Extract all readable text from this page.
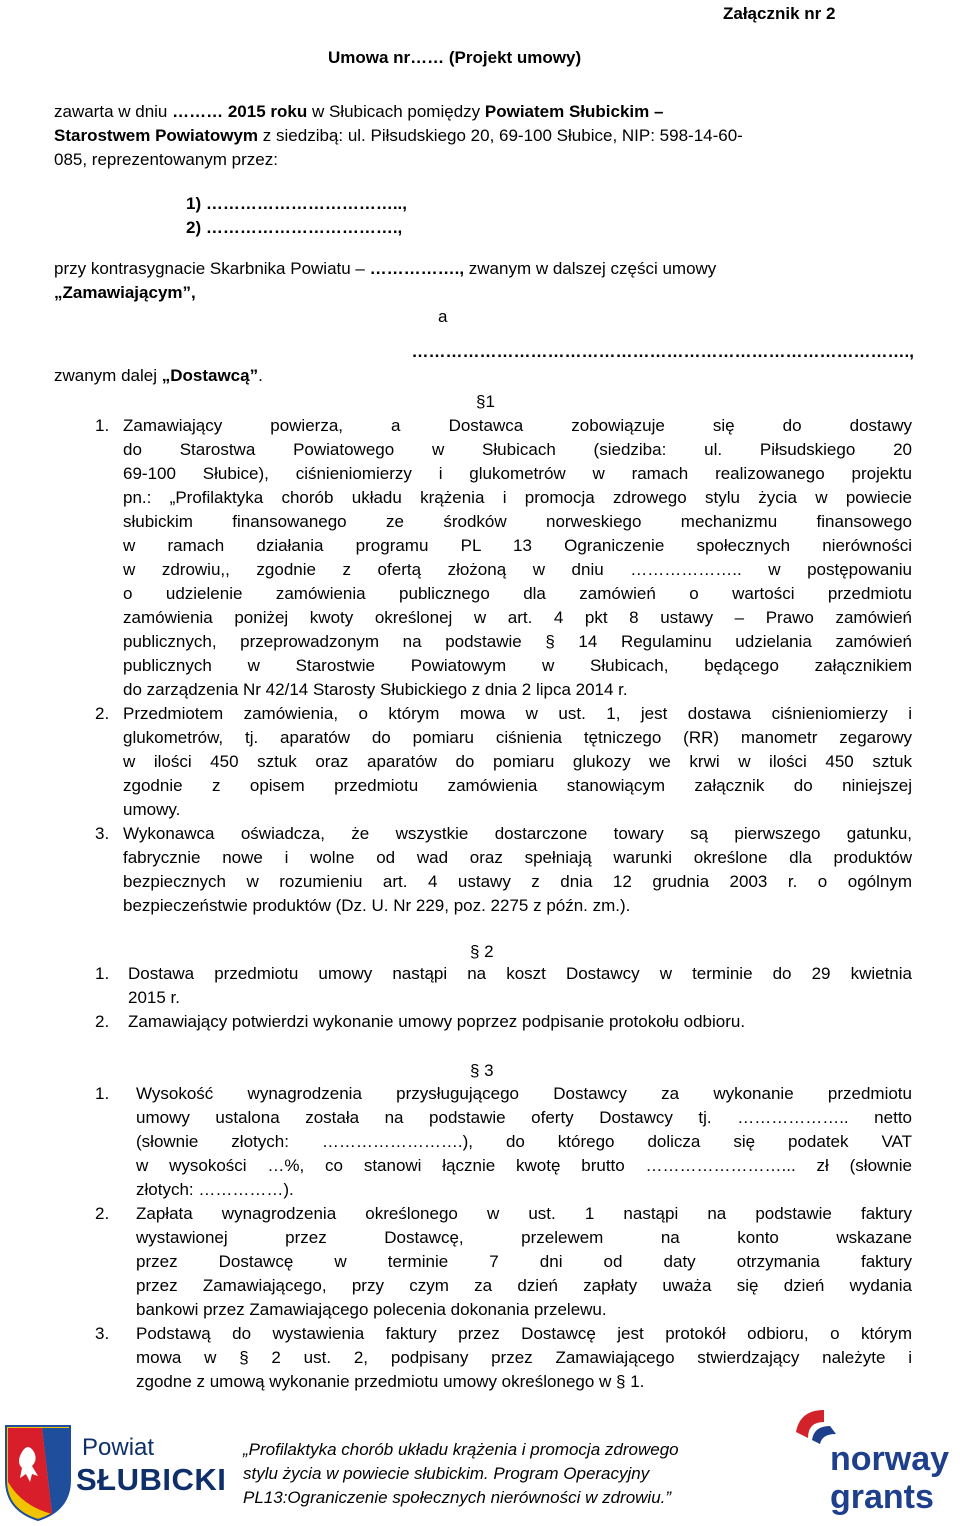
Załącznik nr 2
Umowa nr…… (Projekt umowy)
zawarta w dniu ……… 2015 roku w Słubicach pomiędzy Powiatem Słubickim –
Starostwem Powiatowym z siedzibą: ul. Piłsudskiego 20, 69-100 Słubice, NIP: 598-14-60-
085, reprezentowanym przez:
1) ……………………………..,
2) …………………………….,
przy kontrasygnacie Skarbnika Powiatu – ……………., zwanym w dalszej części umowy
„Zamawiającym”,
a
…………………………………………………………………………….,
zwanym dalej „Dostawcą”.
§1
1. Zamawiający powierza, a Dostawca zobowiązuje się do dostawy
do Starostwa Powiatowego w Słubicach (siedziba: ul. Piłsudskiego 20
69-100 Słubice), ciśnieniomierzy i glukometrów w ramach realizowanego projektu
pn.: „Profilaktyka chorób układu krążenia i promocja zdrowego stylu życia w powiecie
słubickim finansowanego ze środków norweskiego mechanizmu finansowego
w ramach działania programu PL 13 Ograniczenie społecznych nierówności
w zdrowiu,, zgodnie z ofertą złożoną w dniu ……………….. w postępowaniu
o udzielenie zamówienia publicznego dla zamówień o wartości przedmiotu
zamówienia poniżej kwoty określonej w art. 4 pkt 8 ustawy – Prawo zamówień
publicznych, przeprowadzonym na podstawie § 14 Regulaminu udzielania zamówień
publicznych w Starostwie Powiatowym w Słubicach, będącego załącznikiem
do zarządzenia Nr 42/14 Starosty Słubickiego z dnia 2 lipca 2014 r.
2. Przedmiotem zamówienia, o którym mowa w ust. 1, jest dostawa ciśnieniomierzy i
glukometrów, tj. aparatów do pomiaru ciśnienia tętniczego (RR) manometr zegarowy
w ilości 450 sztuk oraz aparatów do pomiaru glukozy we krwi w ilości 450 sztuk
zgodnie z opisem przedmiotu zamówienia stanowiącym załącznik do niniejszej
umowy.
3. Wykonawca oświadcza, że wszystkie dostarczone towary są pierwszego gatunku,
fabrycznie nowe i wolne od wad oraz spełniają warunki określone dla produktów
bezpiecznych w rozumieniu art. 4 ustawy z dnia 12 grudnia 2003 r. o ogólnym
bezpieczeństwie produktów (Dz. U. Nr 229, poz. 2275 z późn. zm.).
§ 2
1. Dostawa przedmiotu umowy nastąpi na koszt Dostawcy w terminie do 29 kwietnia
2015 r.
2. Zamawiający potwierdzi wykonanie umowy poprzez podpisanie protokołu odbioru.
§ 3
1. Wysokość wynagrodzenia przysługującego Dostawcy za wykonanie przedmiotu
umowy ustalona została na podstawie oferty Dostawcy tj. ……………….. netto
(słownie złotych: …………………….), do którego dolicza się podatek VAT
w wysokości …%, co stanowi łącznie kwotę brutto ……………………... zł (słownie
złotych: ……………).
2. Zapłata wynagrodzenia określonego w ust. 1 nastąpi na podstawie faktury
wystawionej przez Dostawcę, przelewem na konto wskazane
przez Dostawcę w terminie 7 dni od daty otrzymania faktury
przez Zamawiającego, przy czym za dzień zapłaty uważa się dzień wydania
bankowi przez Zamawiającego polecenia dokonania przelewu.
3. Podstawą do wystawienia faktury przez Dostawcę jest protokół odbioru, o którym
mowa w § 2 ust. 2, podpisany przez Zamawiającego stwierdzający należyte i
zgodne z umową wykonanie przedmiotu umowy określonego w § 1.
Powiat
SŁUBICKI
„Profilaktyka chorób układu krążenia i promocja zdrowego
stylu życia w powiecie słubickim. Program Operacyjny
PL13:Ograniczenie społecznych nierówności w zdrowiu.”
norway
grants
